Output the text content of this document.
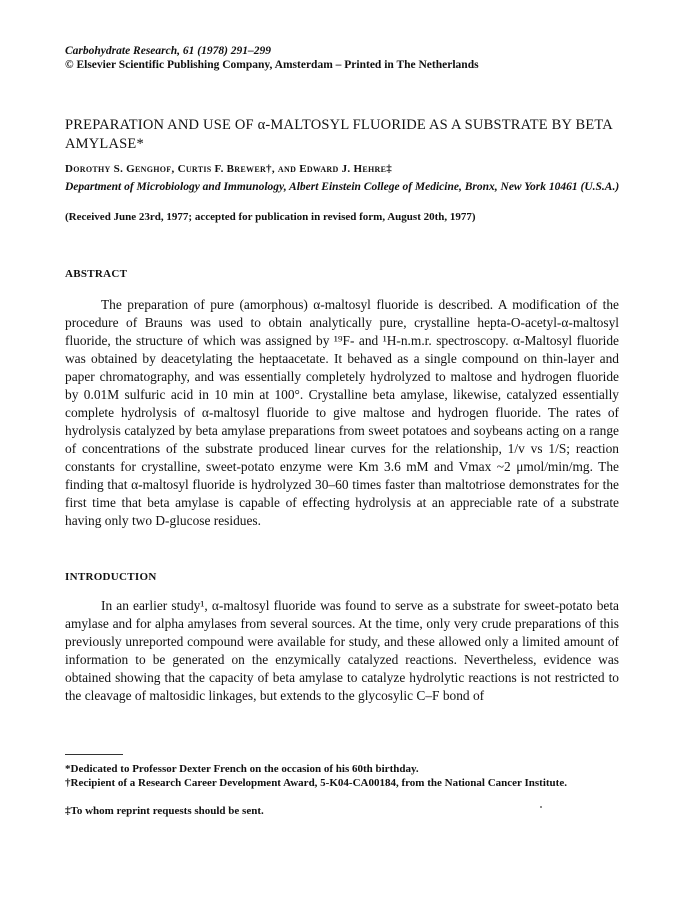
Carbohydrate Research, 61 (1978) 291–299
© Elsevier Scientific Publishing Company, Amsterdam – Printed in The Netherlands
PREPARATION AND USE OF α-MALTOSYL FLUORIDE AS A SUBSTRATE BY BETA AMYLASE*
Dorothy S. Genghof, Curtis F. Brewer†, and Edward J. Hehre‡
Department of Microbiology and Immunology, Albert Einstein College of Medicine, Bronx, New York 10461 (U.S.A.)
(Received June 23rd, 1977; accepted for publication in revised form, August 20th, 1977)
ABSTRACT

The preparation of pure (amorphous) α-maltosyl fluoride is described. A modification of the procedure of Brauns was used to obtain analytically pure, crystalline hepta-O-acetyl-α-maltosyl fluoride, the structure of which was assigned by ¹⁹F- and ¹H-n.m.r. spectroscopy. α-Maltosyl fluoride was obtained by deacetylating the heptaacetate. It behaved as a single compound on thin-layer and paper chromatography, and was essentially completely hydrolyzed to maltose and hydrogen fluoride by 0.01M sulfuric acid in 10 min at 100°. Crystalline beta amylase, likewise, catalyzed essentially complete hydrolysis of α-maltosyl fluoride to give maltose and hydrogen fluoride. The rates of hydrolysis catalyzed by beta amylase preparations from sweet potatoes and soybeans acting on a range of concentrations of the substrate produced linear curves for the relationship, 1/v vs 1/S; reaction constants for crystalline, sweet-potato enzyme were Km 3.6 mM and Vmax ~2 μmol/min/mg. The finding that α-maltosyl fluoride is hydrolyzed 30–60 times faster than maltotriose demonstrates for the first time that beta amylase is capable of effecting hydrolysis at an appreciable rate of a substrate having only two D-glucose residues.

INTRODUCTION

In an earlier study¹, α-maltosyl fluoride was found to serve as a substrate for sweet-potato beta amylase and for alpha amylases from several sources. At the time, only very crude preparations of this previously unreported compound were available for study, and these allowed only a limited amount of information to be generated on the enzymically catalyzed reactions. Nevertheless, evidence was obtained showing that the capacity of beta amylase to catalyze hydrolytic reactions is not restricted to the cleavage of maltosidic linkages, but extends to the glycosylic C–F bond of

*Dedicated to Professor Dexter French on the occasion of his 60th birthday.
†Recipient of a Research Career Development Award, 5-K04-CA00184, from the National Cancer Institute.
‡To whom reprint requests should be sent.
